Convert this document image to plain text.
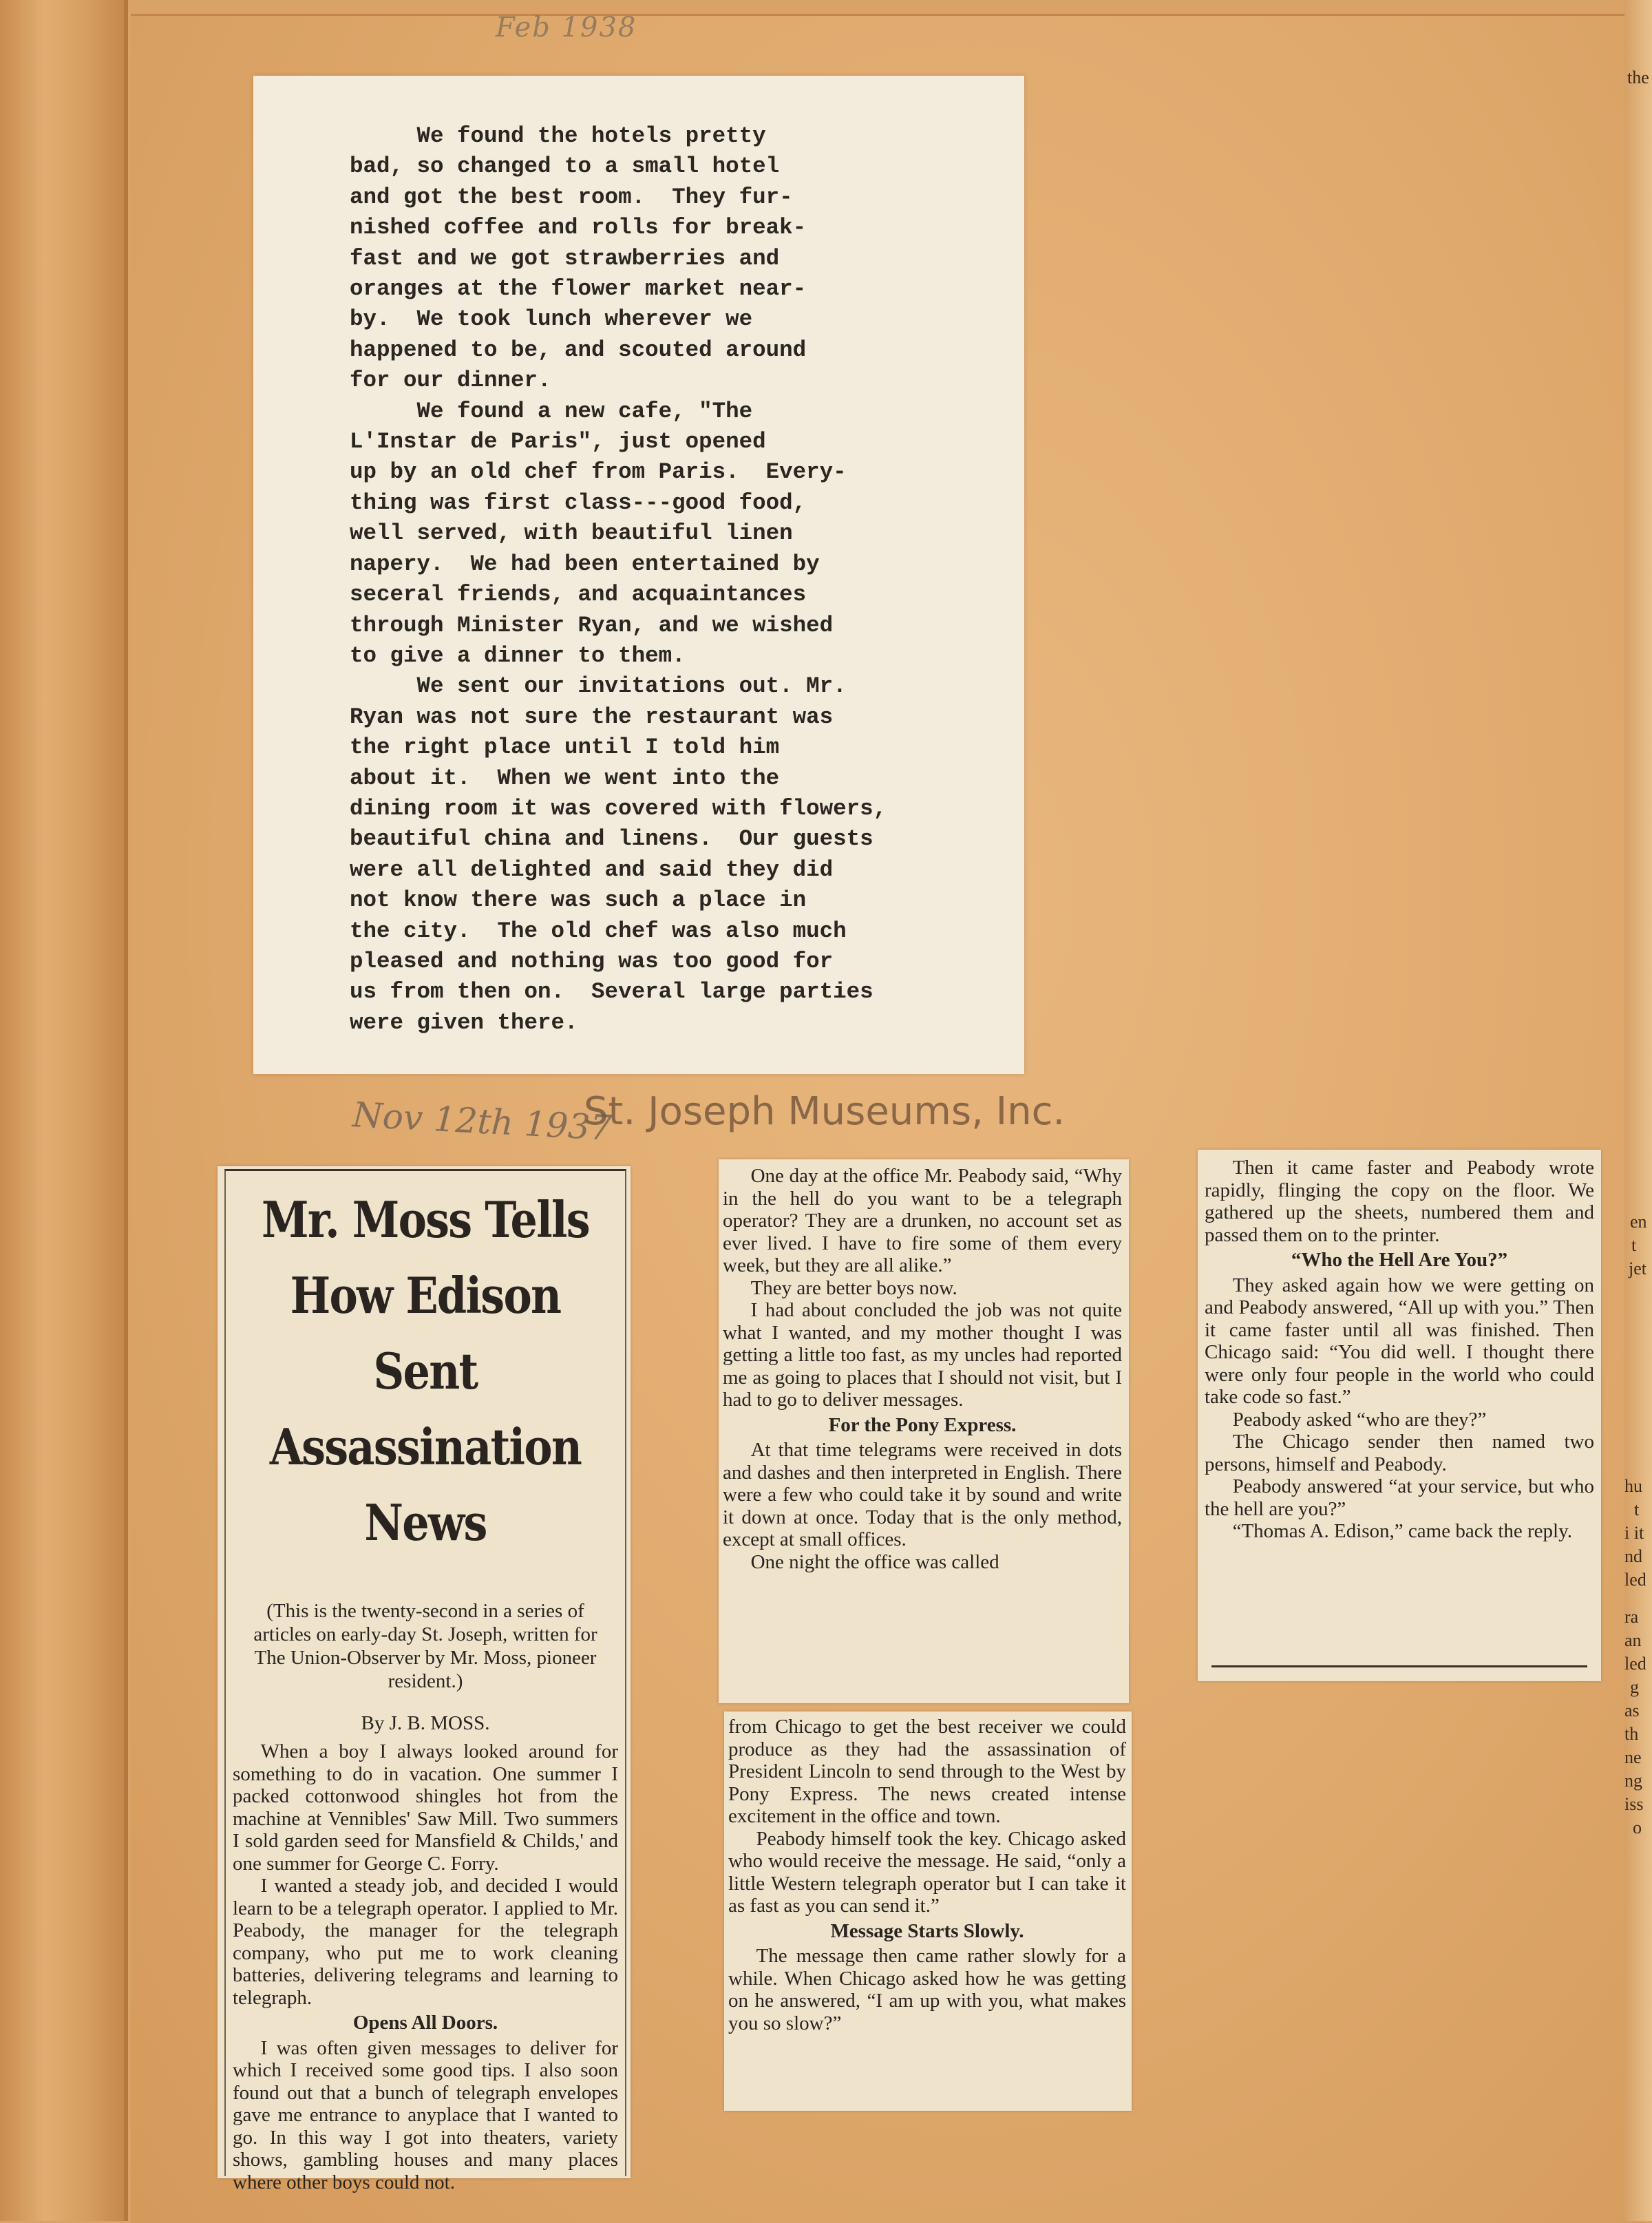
Feb 1938
the
en
t
jet
hu
t
i it
nd
led
ra
an
led
g
as
th
ne
ng
iss
o
We found the hotels pretty
bad, so changed to a small hotel
and got the best room.  They fur-
nished coffee and rolls for break-
fast and we got strawberries and
oranges at the flower market near-
by.  We took lunch wherever we
happened to be, and scouted around
for our dinner.
We found a new cafe, "The
L'Instar de Paris", just opened
up by an old chef from Paris.  Every-
thing was first class---good food,
well served, with beautiful linen
napery.  We had been entertained by
seceral friends, and acquaintances
through Minister Ryan, and we wished
to give a dinner to them.
We sent our invitations out. Mr.
Ryan was not sure the restaurant was
the right place until I told him
about it.  When we went into the
dining room it was covered with flowers,
beautiful china and linens.  Our guests
were all delighted and said they did
not know there was such a place in
the city.  The old chef was also much
pleased and nothing was too good for
us from then on.  Several large parties
were given there.
St. Joseph Museums, Inc.
Nov 12th 1937
Mr. Moss Tells
How Edison Sent
Assassination News
(This is the twenty-second in a series of articles on early-day St. Joseph, written for The Union-Observer by Mr. Moss, pioneer resident.)
By J. B. MOSS.

When a boy I always looked around for something to do in vacation. One summer I packed cottonwood shingles hot from the machine at Vennibles' Saw Mill. Two summers I sold garden seed for Mansfield & Childs,' and one summer for George C. Forry.

I wanted a steady job, and decided I would learn to be a telegraph operator. I applied to Mr. Peabody, the manager for the telegraph company, who put me to work cleaning batteries, delivering telegrams and learning to telegraph.

Opens All Doors.

I was often given messages to deliver for which I received some good tips. I also soon found out that a bunch of telegraph envelopes gave me entrance to anyplace that I wanted to go. In this way I got into theaters, variety shows, gambling houses and many places where other boys could not.

One day at the office Mr. Peabody said, “Why in the hell do you want to be a telegraph operator? They are a drunken, no account set as ever lived. I have to fire some of them every week, but they are all alike.”

They are better boys now.

I had about concluded the job was not quite what I wanted, and my mother thought I was getting a little too fast, as my uncles had reported me as going to places that I should not visit, but I had to go to deliver messages.

For the Pony Express.

At that time telegrams were received in dots and dashes and then interpreted in English. There were a few who could take it by sound and write it down at once. Today that is the only method, except at small offices.

One night the office was called

from Chicago to get the best receiver we could produce as they had the assassination of President Lincoln to send through to the West by Pony Express. The news created intense excitement in the office and town.

Peabody himself took the key. Chicago asked who would receive the message. He said, “only a little Western telegraph operator but I can take it as fast as you can send it.”

Message Starts Slowly.

The message then came rather slowly for a while. When Chicago asked how he was getting on he answered, “I am up with you, what makes you so slow?”

Then it came faster and Peabody wrote rapidly, flinging the copy on the floor. We gathered up the sheets, numbered them and passed them on to the printer.

“Who the Hell Are You?”

They asked again how we were getting on and Peabody answered, “All up with you.” Then it came faster until all was finished. Then Chicago said: “You did well. I thought there were only four people in the world who could take code so fast.”

Peabody asked “who are they?”

The Chicago sender then named two persons, himself and Peabody.

Peabody answered “at your service, but who the hell are you?”

“Thomas A. Edison,” came back the reply.
